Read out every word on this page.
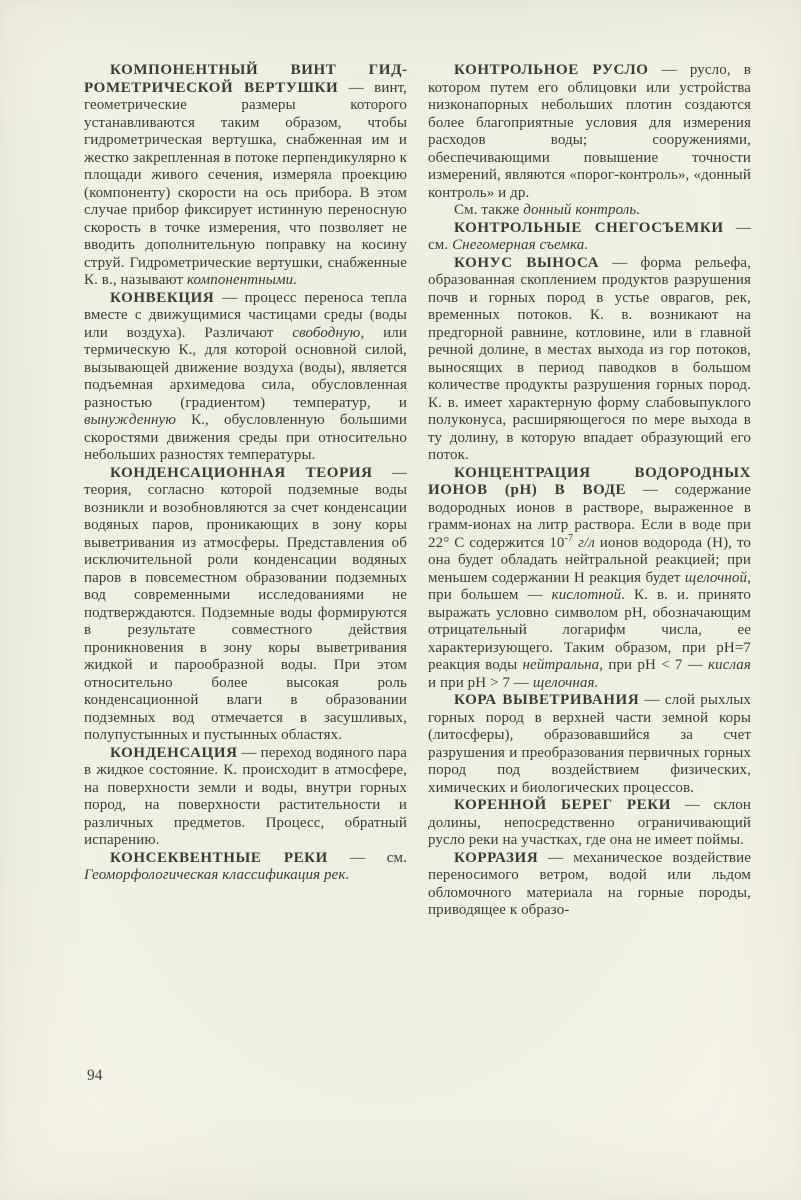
КОМПОНЕНТНЫЙ ВИНТ ГИДРОМЕТРИЧЕСКОЙ ВЕРТУШКИ — винт, геометрические размеры которого устанавливаются таким образом, чтобы гидрометрическая вертушка, снабженная им и жестко закрепленная в потоке перпендикулярно к площади живого сечения, измеряла проекцию (компоненту) скорости на ось прибора. В этом случае прибор фиксирует истинную переносную скорость в точке измерения, что позволяет не вводить дополнительную поправку на косину струй. Гидрометрические вертушки, снабженные К. в., называют компонентными.

КОНВЕКЦИЯ — процесс переноса тепла вместе с движущимися частицами среды (воды или воздуха). Различают свободную, или термическую К., для которой основной силой, вызывающей движение воздуха (воды), является подъемная архимедова сила, обусловленная разностью (градиентом) температур, и вынужденную К., обусловленную большими скоростями движения среды при относительно небольших разностях температуры.

КОНДЕНСАЦИОННАЯ ТЕОРИЯ — теория, согласно которой подземные воды возникли и возобновляются за счет конденсации водяных паров, проникающих в зону коры выветривания из атмосферы. Представления об исключительной роли конденсации водяных паров в повсеместном образовании подземных вод современными исследованиями не подтверждаются. Подземные воды формируются в результате совместного действия проникновения в зону коры выветривания жидкой и парообразной воды. При этом относительно более высокая роль конденсационной влаги в образовании подземных вод отмечается в засушливых, полупустынных и пустынных областях.

КОНДЕНСАЦИЯ — переход водяного пара в жидкое состояние. К. происходит в атмосфере, на поверхности земли и воды, внутри горных пород, на поверхности растительности и различных предметов. Процесс, обратный испарению.

КОНСЕКВЕНТНЫЕ РЕКИ — см. Геоморфологическая классификация рек.

КОНТРОЛЬНОЕ РУСЛО — русло, в котором путем его облицовки или устройства низконапорных небольших плотин создаются более благоприятные условия для измерения расходов воды; сооружениями, обеспечивающими повышение точности измерений, являются «порог-контроль», «донный контроль» и др.

См. также донный контроль.

КОНТРОЛЬНЫЕ СНЕГОСЪЕМКИ — см. Снегомерная съемка.

КОНУС ВЫНОСА — форма рельефа, образованная скоплением продуктов разрушения почв и горных пород в устье оврагов, рек, временных потоков. К. в. возникают на предгорной равнине, котловине, или в главной речной долине, в местах выхода из гор потоков, выносящих в период паводков в большом количестве продукты разрушения горных пород. К. в. имеет характерную форму слабовыпуклого полуконуса, расширяющегося по мере выхода в ту долину, в которую впадает образующий его поток.

КОНЦЕНТРАЦИЯ ВОДОРОДНЫХ ИОНОВ (рН) В ВОДЕ — содержание водородных ионов в растворе, выраженное в грамм-ионах на литр раствора. Если в воде при 22° С содержится $10^{-7}$ г/л ионов водорода (Н), то она будет обладать нейтральной реакцией; при меньшем содержании Н реакция будет щелочной, при большем — кислотной. К. в. и. принято выражать условно символом рН, обозначающим отрицательный логарифм числа, ее характеризующего. Таким образом, при рН=7 реакция воды нейтральна, при рН < 7 — кислая и при рН > 7 — щелочная.

КОРА ВЫВЕТРИВАНИЯ — слой рыхлых горных пород в верхней части земной коры (литосферы), образовавшийся за счет разрушения и преобразования первичных горных пород под воздействием физических, химических и биологических процессов.

КОРЕННОЙ БЕРЕГ РЕКИ — склон долины, непосредственно ограничивающий русло реки на участках, где она не имеет поймы.

КОРРАЗИЯ — механическое воздействие переносимого ветром, водой или льдом обломочного материала на горные породы, приводящее к образо-

94
